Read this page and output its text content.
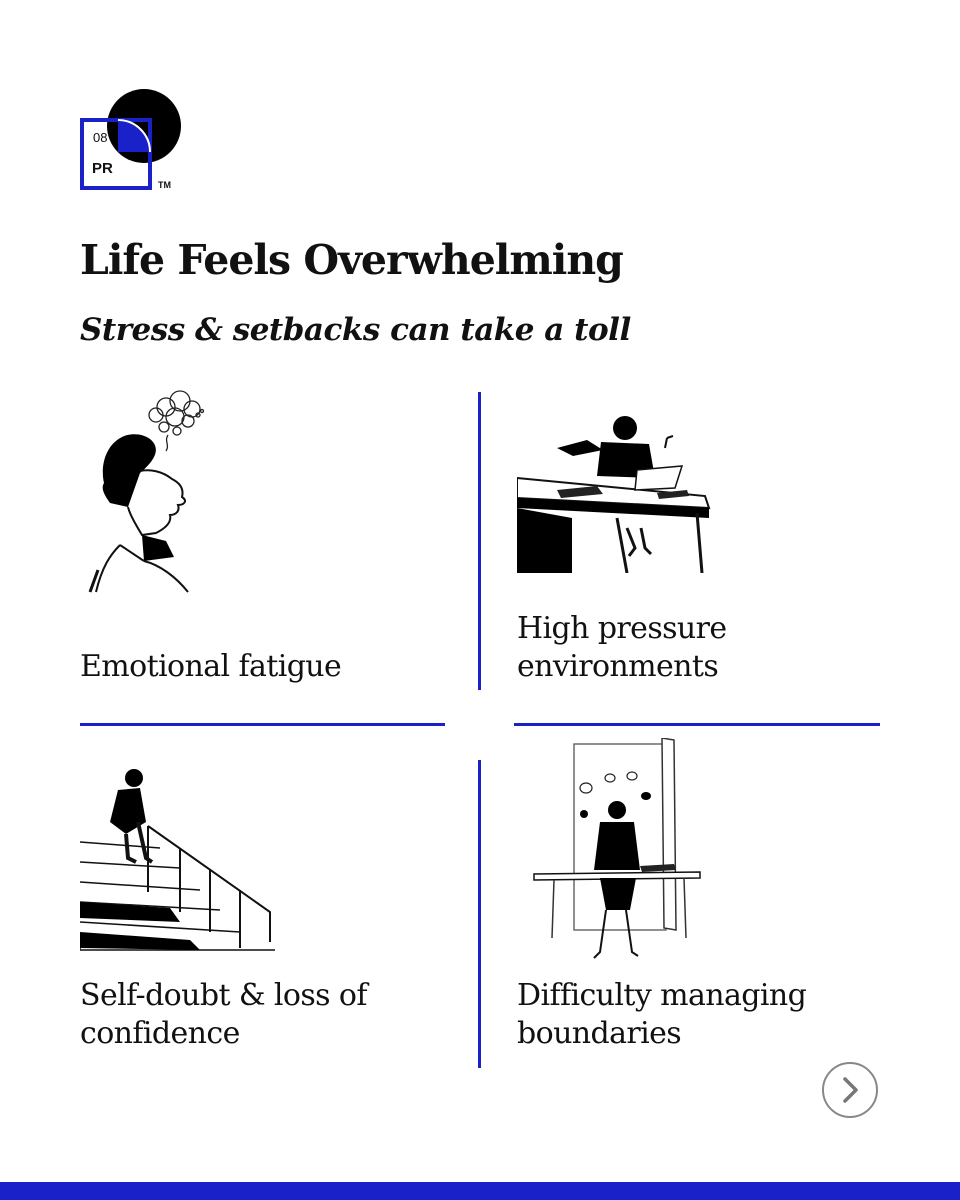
08
PR
TM
Life Feels Overwhelming
Stress & setbacks can take a toll
Emotional fatigue
High pressure
environments
Self-doubt & loss of
confidence
Difficulty managing
boundaries
